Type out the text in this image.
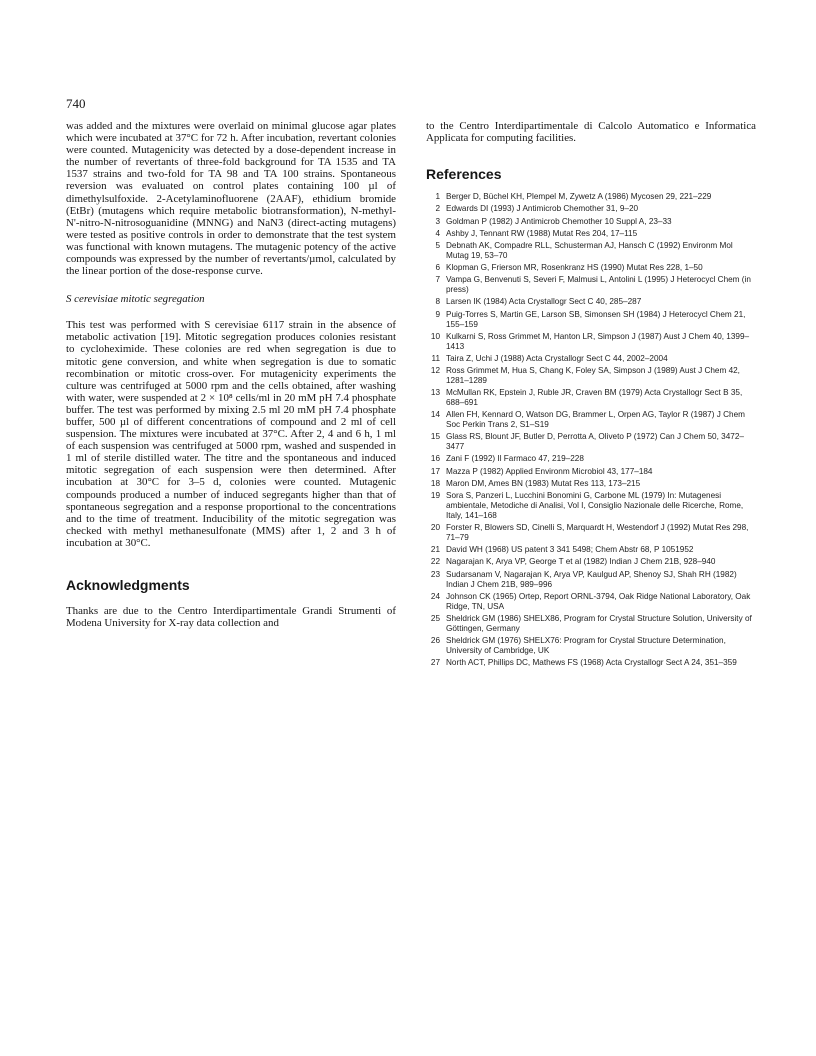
740

was added and the mixtures were overlaid on minimal glucose agar plates which were incubated at 37°C for 72 h. After incubation, revertant colonies were counted. Mutagenicity was detected by a dose-dependent increase in the number of revertants of three-fold background for TA 1535 and TA 1537 strains and two-fold for TA 98 and TA 100 strains. Spontaneous reversion was evaluated on control plates containing 100 µl of dimethylsulfoxide. 2-Acetylaminofluorene (2AAF), ethidium bromide (EtBr) (mutagens which require metabolic biotransformation), N-methyl-N'-nitro-N-nitrosoguanidine (MNNG) and NaN3 (direct-acting mutagens) were tested as positive controls in order to demonstrate that the test system was functional with known mutagens. The mutagenic potency of the active compounds was expressed by the number of revertants/µmol, calculated by the linear portion of the dose-response curve.

S cerevisiae mitotic segregation

This test was performed with S cerevisiae 6117 strain in the absence of metabolic activation [19]. Mitotic segregation produces colonies resistant to cycloheximide. These colonies are red when segregation is due to mitotic gene conversion, and white when segregation is due to somatic recombination or mitotic cross-over. For mutagenicity experiments the culture was centrifuged at 5000 rpm and the cells obtained, after washing with water, were suspended at 2 × 10⁸ cells/ml in 20 mM pH 7.4 phosphate buffer. The test was performed by mixing 2.5 ml 20 mM pH 7.4 phosphate buffer, 500 µl of different concentrations of compound and 2 ml of cell suspension. The mixtures were incubated at 37°C. After 2, 4 and 6 h, 1 ml of each suspension was centrifuged at 5000 rpm, washed and suspended in 1 ml of sterile distilled water. The titre and the spontaneous and induced mitotic segregation of each suspension were then determined. After incubation at 30°C for 3–5 d, colonies were counted. Mutagenic compounds produced a number of induced segregants higher than that of spontaneous segregation and a response proportional to the concentrations and to the time of treatment. Inducibility of the mitotic segregation was checked with methyl methanesulfonate (MMS) after 1, 2 and 3 h of incubation at 30°C.

Acknowledgments

Thanks are due to the Centro Interdipartimentale Grandi Strumenti of Modena University for X-ray data collection and

to the Centro Interdipartimentale di Calcolo Automatico e Informatica Applicata for computing facilities.

References
1 Berger D, Büchel KH, Plempel M, Zywetz A (1986) Mycosen 29, 221–229
2 Edwards DI (1993) J Antimicrob Chemother 31, 9–20
3 Goldman P (1982) J Antimicrob Chemother 10 Suppl A, 23–33
4 Ashby J, Tennant RW (1988) Mutat Res 204, 17–115
5 Debnath AK, Compadre RLL, Schusterman AJ, Hansch C (1992) Environm Mol Mutag 19, 53–70
6 Klopman G, Frierson MR, Rosenkranz HS (1990) Mutat Res 228, 1–50
7 Vampa G, Benvenuti S, Severi F, Malmusi L, Antolini L (1995) J Heterocycl Chem (in press)
8 Larsen IK (1984) Acta Crystallogr Sect C 40, 285–287
9 Puig-Torres S, Martin GE, Larson SB, Simonsen SH (1984) J Heterocycl Chem 21, 155–159
10 Kulkarni S, Ross Grimmet M, Hanton LR, Simpson J (1987) Aust J Chem 40, 1399–1413
11 Taira Z, Uchi J (1988) Acta Crystallogr Sect C 44, 2002–2004
12 Ross Grimmet M, Hua S, Chang K, Foley SA, Simpson J (1989) Aust J Chem 42, 1281–1289
13 McMullan RK, Epstein J, Ruble JR, Craven BM (1979) Acta Crystallogr Sect B 35, 688–691
14 Allen FH, Kennard O, Watson DG, Brammer L, Orpen AG, Taylor R (1987) J Chem Soc Perkin Trans 2, S1–S19
15 Glass RS, Blount JF, Butler D, Perrotta A, Oliveto P (1972) Can J Chem 50, 3472–3477
16 Zani F (1992) Il Farmaco 47, 219–228
17 Mazza P (1982) Applied Environm Microbiol 43, 177–184
18 Maron DM, Ames BN (1983) Mutat Res 113, 173–215
19 Sora S, Panzeri L, Lucchini Bonomini G, Carbone ML (1979) In: Mutagenesi ambientale, Metodiche di Analisi, Vol I, Consiglio Nazionale delle Ricerche, Rome, Italy, 141–168
20 Forster R, Blowers SD, Cinelli S, Marquardt H, Westendorf J (1992) Mutat Res 298, 71–79
21 David WH (1968) US patent 3 341 5498; Chem Abstr 68, P 1051952
22 Nagarajan K, Arya VP, George T et al (1982) Indian J Chem 21B, 928–940
23 Sudarsanam V, Nagarajan K, Arya VP, Kaulgud AP, Shenoy SJ, Shah RH (1982) Indian J Chem 21B, 989–996
24 Johnson CK (1965) Ortep, Report ORNL-3794, Oak Ridge National Laboratory, Oak Ridge, TN, USA
25 Sheldrick GM (1986) SHELX86, Program for Crystal Structure Solution, University of Göttingen, Germany
26 Sheldrick GM (1976) SHELX76: Program for Crystal Structure Determination, University of Cambridge, UK
27 North ACT, Phillips DC, Mathews FS (1968) Acta Crystallogr Sect A 24, 351–359
